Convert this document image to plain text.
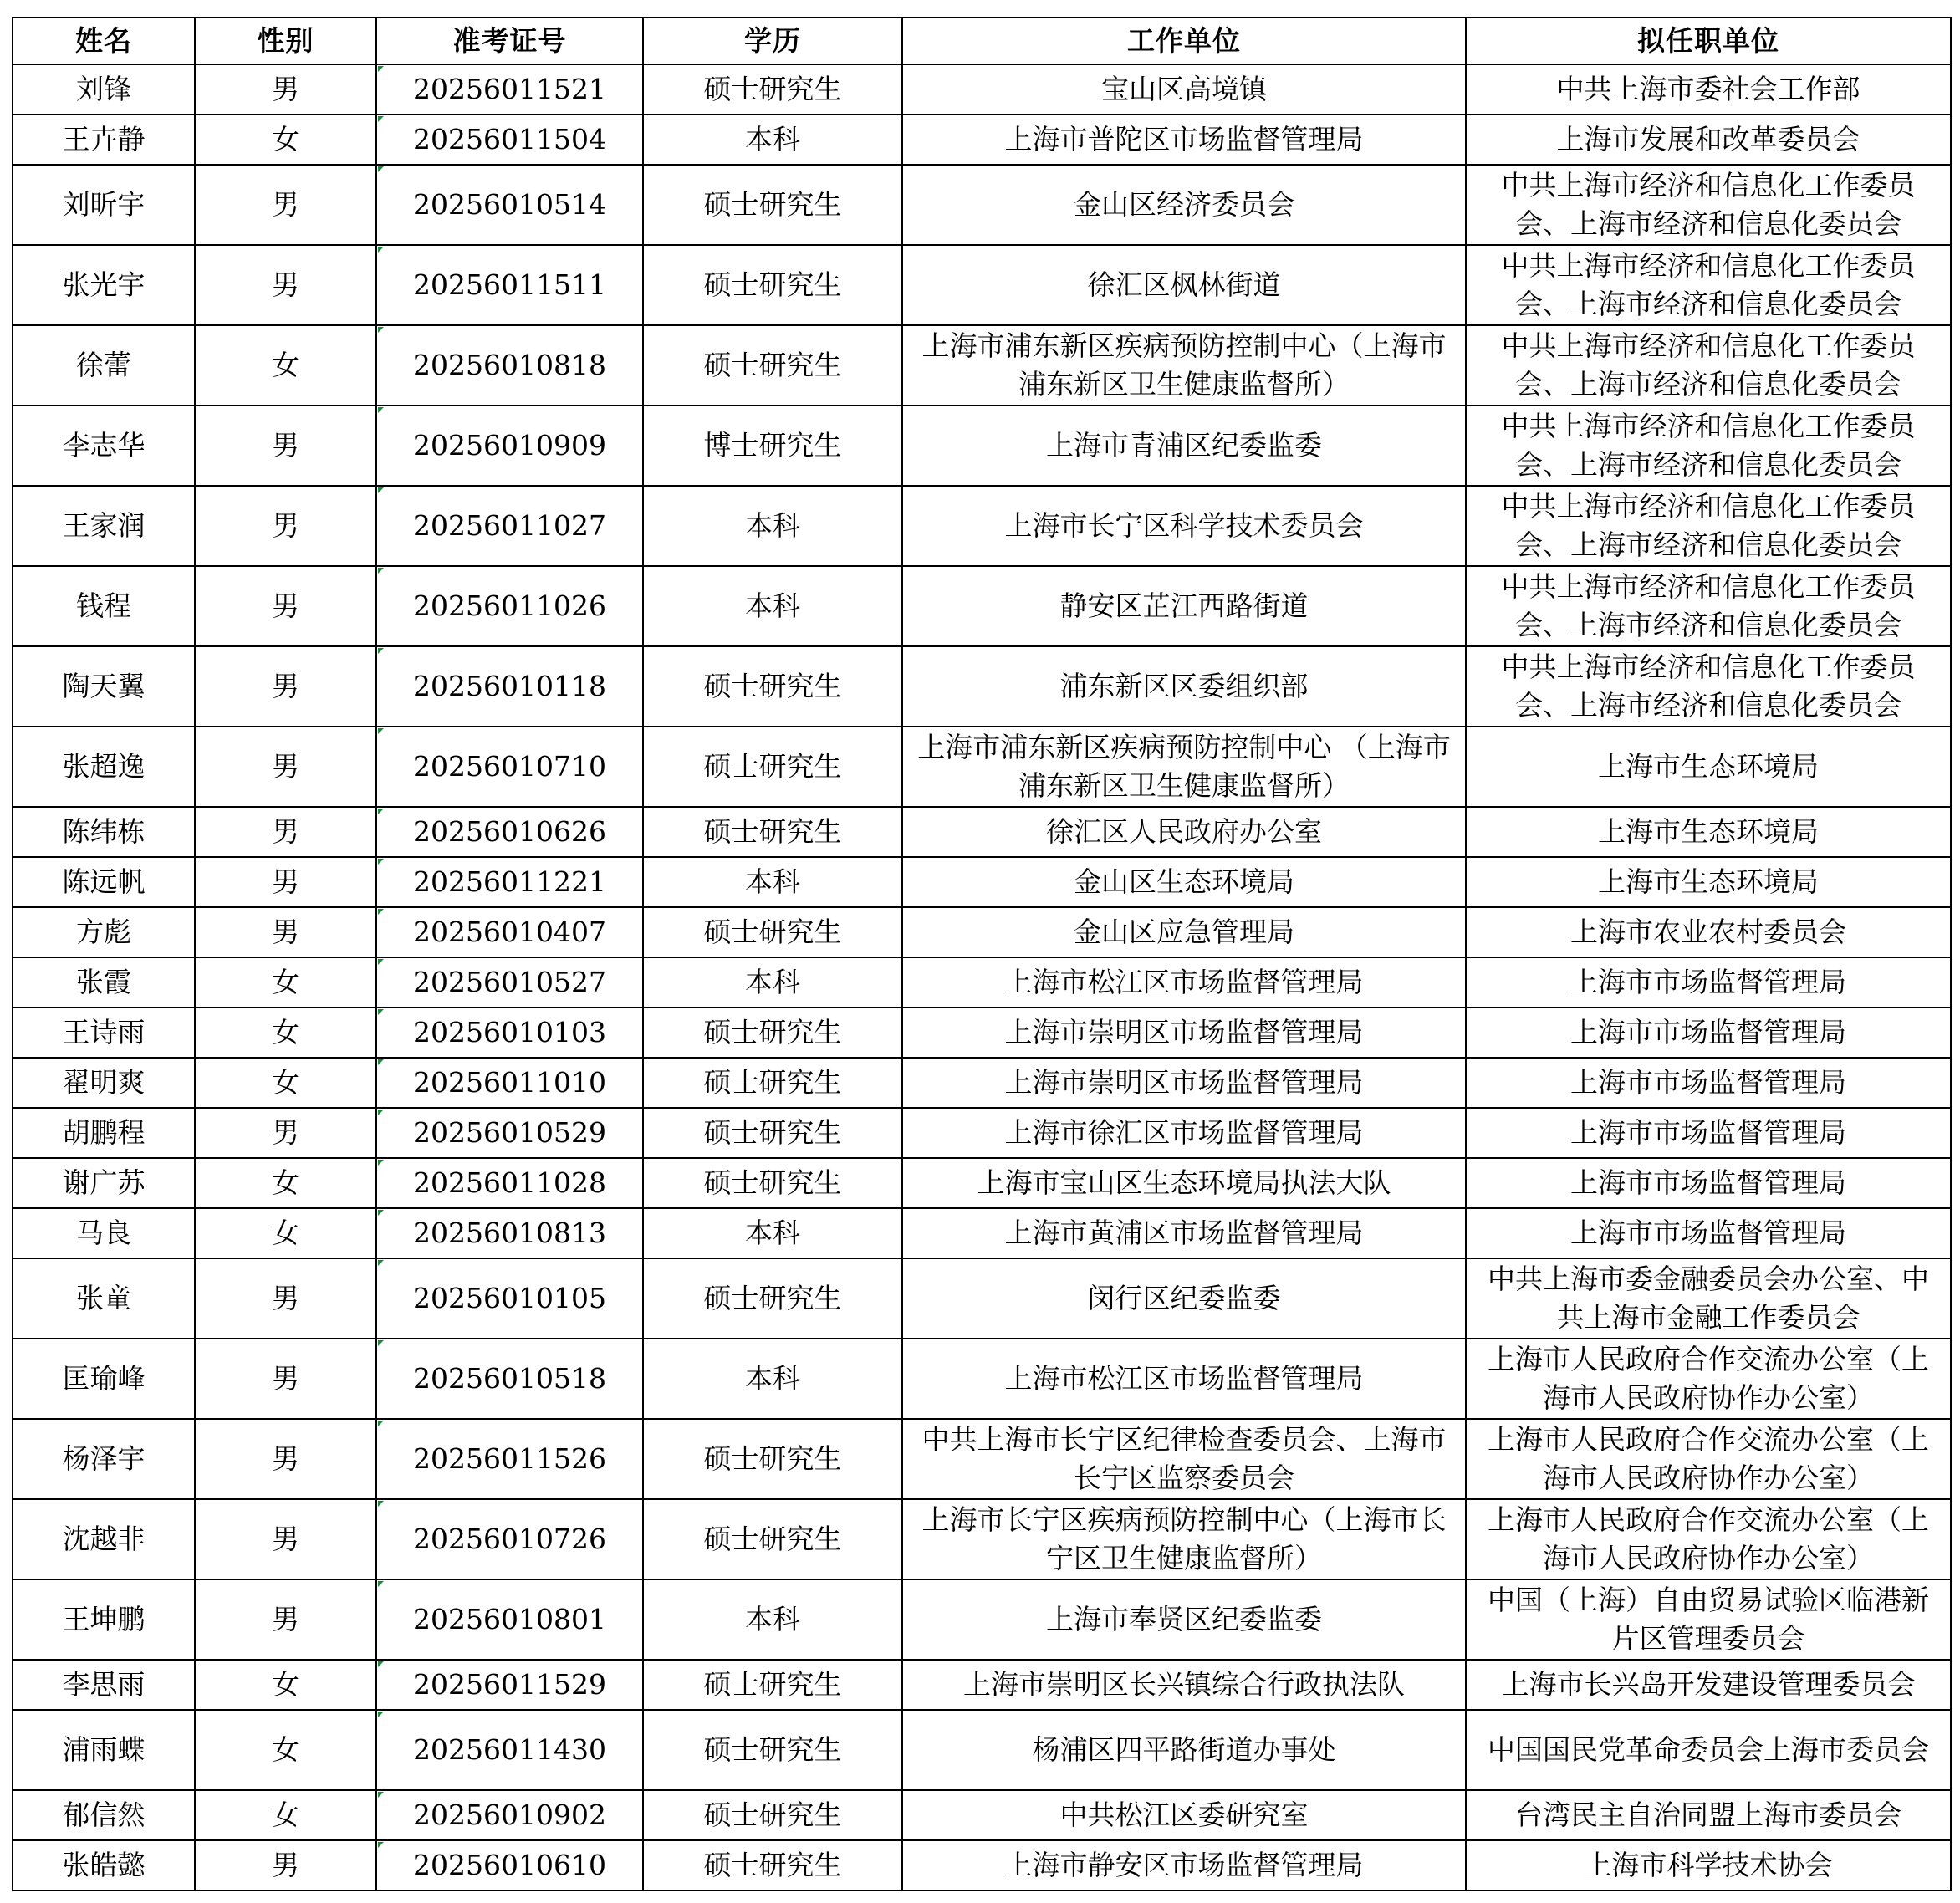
姓名	性别	准考证号	学历	工作单位	拟任职单位
刘锋	男	20256011521	硕士研究生	宝山区高境镇	中共上海市委社会工作部
王卉静	女	20256011504	本科	上海市普陀区市场监督管理局	上海市发展和改革委员会
刘昕宇	男	20256010514	硕士研究生	金山区经济委员会	中共上海市经济和信息化工作委员会、上海市经济和信息化委员会
张光宇	男	20256011511	硕士研究生	徐汇区枫林街道	中共上海市经济和信息化工作委员会、上海市经济和信息化委员会
徐蕾	女	20256010818	硕士研究生	上海市浦东新区疾病预防控制中心（上海市浦东新区卫生健康监督所）	中共上海市经济和信息化工作委员会、上海市经济和信息化委员会
李志华	男	20256010909	博士研究生	上海市青浦区纪委监委	中共上海市经济和信息化工作委员会、上海市经济和信息化委员会
王家润	男	20256011027	本科	上海市长宁区科学技术委员会	中共上海市经济和信息化工作委员会、上海市经济和信息化委员会
钱程	男	20256011026	本科	静安区芷江西路街道	中共上海市经济和信息化工作委员会、上海市经济和信息化委员会
陶天翼	男	20256010118	硕士研究生	浦东新区区委组织部	中共上海市经济和信息化工作委员会、上海市经济和信息化委员会
张超逸	男	20256010710	硕士研究生	上海市浦东新区疾病预防控制中心 （上海市浦东新区卫生健康监督所）	上海市生态环境局
陈纬栋	男	20256010626	硕士研究生	徐汇区人民政府办公室	上海市生态环境局
陈远帆	男	20256011221	本科	金山区生态环境局	上海市生态环境局
方彪	男	20256010407	硕士研究生	金山区应急管理局	上海市农业农村委员会
张霞	女	20256010527	本科	上海市松江区市场监督管理局	上海市市场监督管理局
王诗雨	女	20256010103	硕士研究生	上海市崇明区市场监督管理局	上海市市场监督管理局
翟明爽	女	20256011010	硕士研究生	上海市崇明区市场监督管理局	上海市市场监督管理局
胡鹏程	男	20256010529	硕士研究生	上海市徐汇区市场监督管理局	上海市市场监督管理局
谢广苏	女	20256011028	硕士研究生	上海市宝山区生态环境局执法大队	上海市市场监督管理局
马良	女	20256010813	本科	上海市黄浦区市场监督管理局	上海市市场监督管理局
张童	男	20256010105	硕士研究生	闵行区纪委监委	中共上海市委金融委员会办公室、中共上海市金融工作委员会
匡瑜峰	男	20256010518	本科	上海市松江区市场监督管理局	上海市人民政府合作交流办公室（上海市人民政府协作办公室）
杨泽宇	男	20256011526	硕士研究生	中共上海市长宁区纪律检查委员会、上海市长宁区监察委员会	上海市人民政府合作交流办公室（上海市人民政府协作办公室）
沈越非	男	20256010726	硕士研究生	上海市长宁区疾病预防控制中心（上海市长宁区卫生健康监督所）	上海市人民政府合作交流办公室（上海市人民政府协作办公室）
王坤鹏	男	20256010801	本科	上海市奉贤区纪委监委	中国（上海）自由贸易试验区临港新片区管理委员会
李思雨	女	20256011529	硕士研究生	上海市崇明区长兴镇综合行政执法队	上海市长兴岛开发建设管理委员会
浦雨蝶	女	20256011430	硕士研究生	杨浦区四平路街道办事处	中国国民党革命委员会上海市委员会
郁信然	女	20256010902	硕士研究生	中共松江区委研究室	台湾民主自治同盟上海市委员会
张皓懿	男	20256010610	硕士研究生	上海市静安区市场监督管理局	上海市科学技术协会
